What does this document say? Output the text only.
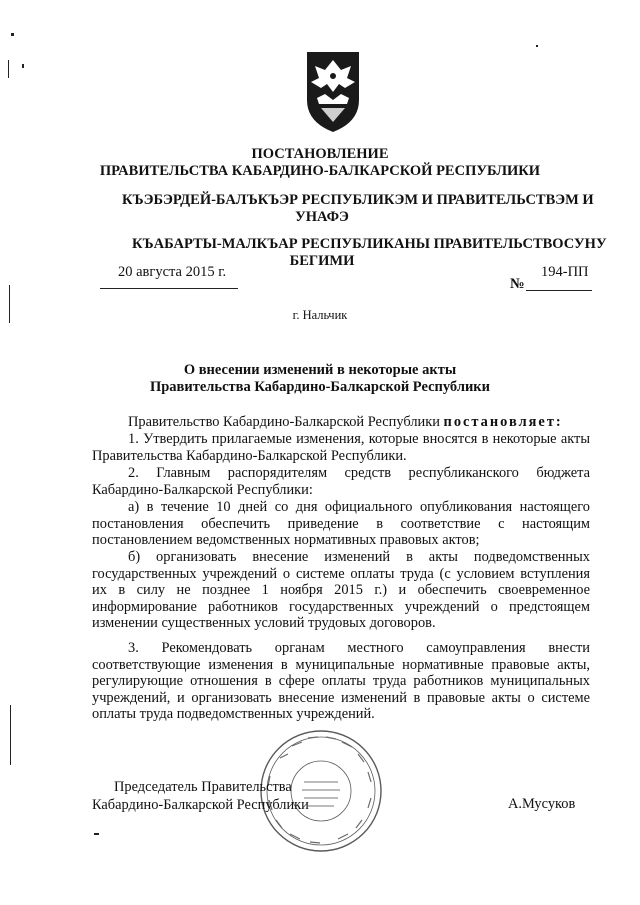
ПОСТАНОВЛЕНИЕ
ПРАВИТЕЛЬСТВА КАБАРДИНО-БАЛКАРСКОЙ РЕСПУБЛИКИ
КЪЭБЭРДЕЙ-БАЛЪКЪЭР РЕСПУБЛИКЭМ И ПРАВИТЕЛЬСТВЭМ И
УНАФЭ
КЪАБАРТЫ-МАЛКЪАР РЕСПУБЛИКАНЫ ПРАВИТЕЛЬСТВОСУНУ
БЕГИМИ
20 августа 2015 г.
№
194-ПП
г. Нальчик
О внесении изменений в некоторые акты
Правительства Кабардино-Балкарской Республики
Правительство Кабардино-Балкарской Республики постановляет:
1. Утвердить прилагаемые изменения, которые вносятся в некоторые акты Правительства Кабардино-Балкарской Республики.
2. Главным распорядителям средств республиканского бюджета Кабардино-Балкарской Республики:
а) в течение 10 дней со дня официального опубликования настоящего постановления обеспечить приведение в соответствие с настоящим постановлением ведомственных нормативных правовых актов;
б) организовать внесение изменений в акты подведомственных государственных учреждений о системе оплаты труда (с условием вступления их в силу не позднее 1 ноября 2015 г.) и обеспечить своевременное информирование работников государственных учреждений о предстоящем изменении существенных условий трудовых договоров.
3. Рекомендовать органам местного самоуправления внести соответствующие изменения в муниципальные нормативные правовые акты, регулирующие отношения в сфере оплаты труда работников муниципальных учреждений, и организовать внесение изменений в правовые акты о системе оплаты труда подведомственных учреждений.
Председатель Правительства
Кабардино-Балкарской Республики	А.Мусуков
